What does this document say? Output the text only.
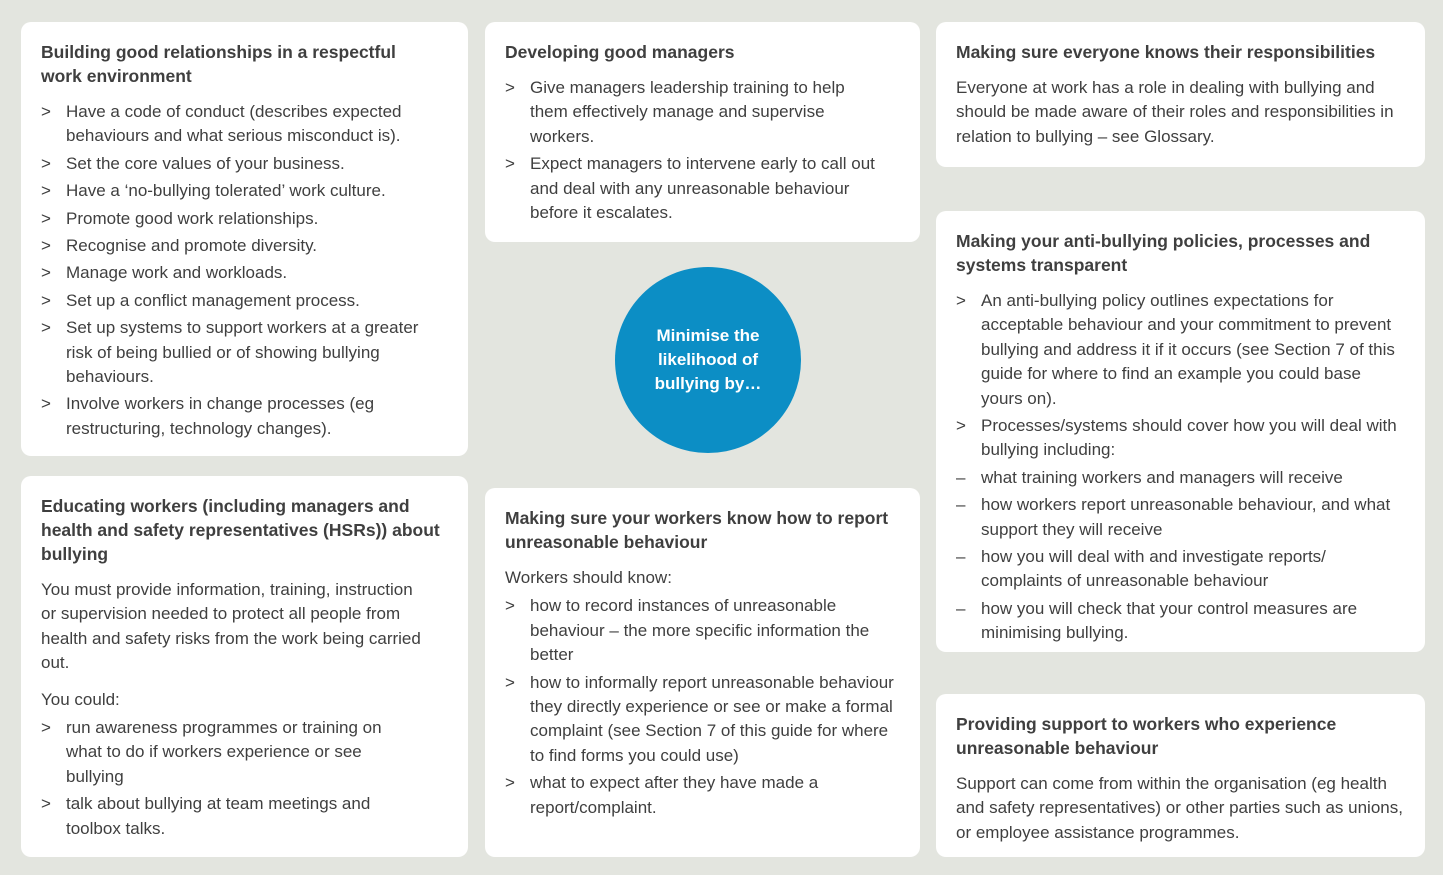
Building good relationships in a respectful work environment
> Have a code of conduct (describes expected behaviours and what serious misconduct is).
> Set the core values of your business.
> Have a ‘no-bullying tolerated’ work culture.
> Promote good work relationships.
> Recognise and promote diversity.
> Manage work and workloads.
> Set up a conflict management process.
> Set up systems to support workers at a greater risk of being bullied or of showing bullying behaviours.
> Involve workers in change processes (eg restructuring, technology changes).
Developing good managers
> Give managers leadership training to help them effectively manage and supervise workers.
> Expect managers to intervene early to call out and deal with any unreasonable behaviour before it escalates.
Minimise the likelihood of bullying by…
Making sure everyone knows their responsibilities

Everyone at work has a role in dealing with bullying and should be made aware of their roles and responsibilities in relation to bullying – see Glossary.

Making your anti-bullying policies, processes and systems transparent
> An anti-bullying policy outlines expectations for acceptable behaviour and your commitment to prevent bullying and address it if it occurs (see Section 7 of this guide for where to find an example you could base yours on).
> Processes/systems should cover how you will deal with bullying including:
– what training workers and managers will receive
– how workers report unreasonable behaviour, and what support they will receive
– how you will deal with and investigate reports/ complaints of unreasonable behaviour
– how you will check that your control measures are minimising bullying.
Educating workers (including managers and health and safety representatives (HSRs)) about bullying

You must provide information, training, instruction or supervision needed to protect all people from health and safety risks from the work being carried out.

You could:

> run awareness programmes or training on what to do if workers experience or see bullying
> talk about bullying at team meetings and toolbox talks.
Making sure your workers know how to report unreasonable behaviour

Workers should know:

> how to record instances of unreasonable behaviour – the more specific information the better
> how to informally report unreasonable behaviour they directly experience or see or make a formal complaint (see Section 7 of this guide for where to find forms you could use)
> what to expect after they have made a report/complaint.
Providing support to workers who experience unreasonable behaviour

Support can come from within the organisation (eg health and safety representatives) or other parties such as unions, or employee assistance programmes.
